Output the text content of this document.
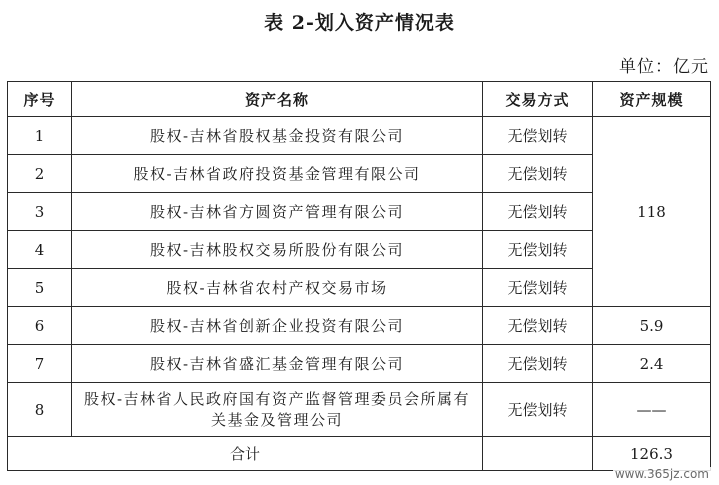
表 2-划入资产情况表
单位：亿元
序号	资产名称	交易方式	资产规模
1	股权-吉林省股权基金投资有限公司	无偿划转	118
2	股权-吉林省政府投资基金管理有限公司	无偿划转	
3	股权-吉林省方圆资产管理有限公司	无偿划转	
4	股权-吉林股权交易所股份有限公司	无偿划转	
5	股权-吉林省农村产权交易市场	无偿划转	
6	股权-吉林省创新企业投资有限公司	无偿划转	5.9
7	股权-吉林省盛汇基金管理有限公司	无偿划转	2.4
8	股权-吉林省人民政府国有资产监督管理委员会所属有关基金及管理公司	无偿划转	——
合计			126.3
www.365jz.com
